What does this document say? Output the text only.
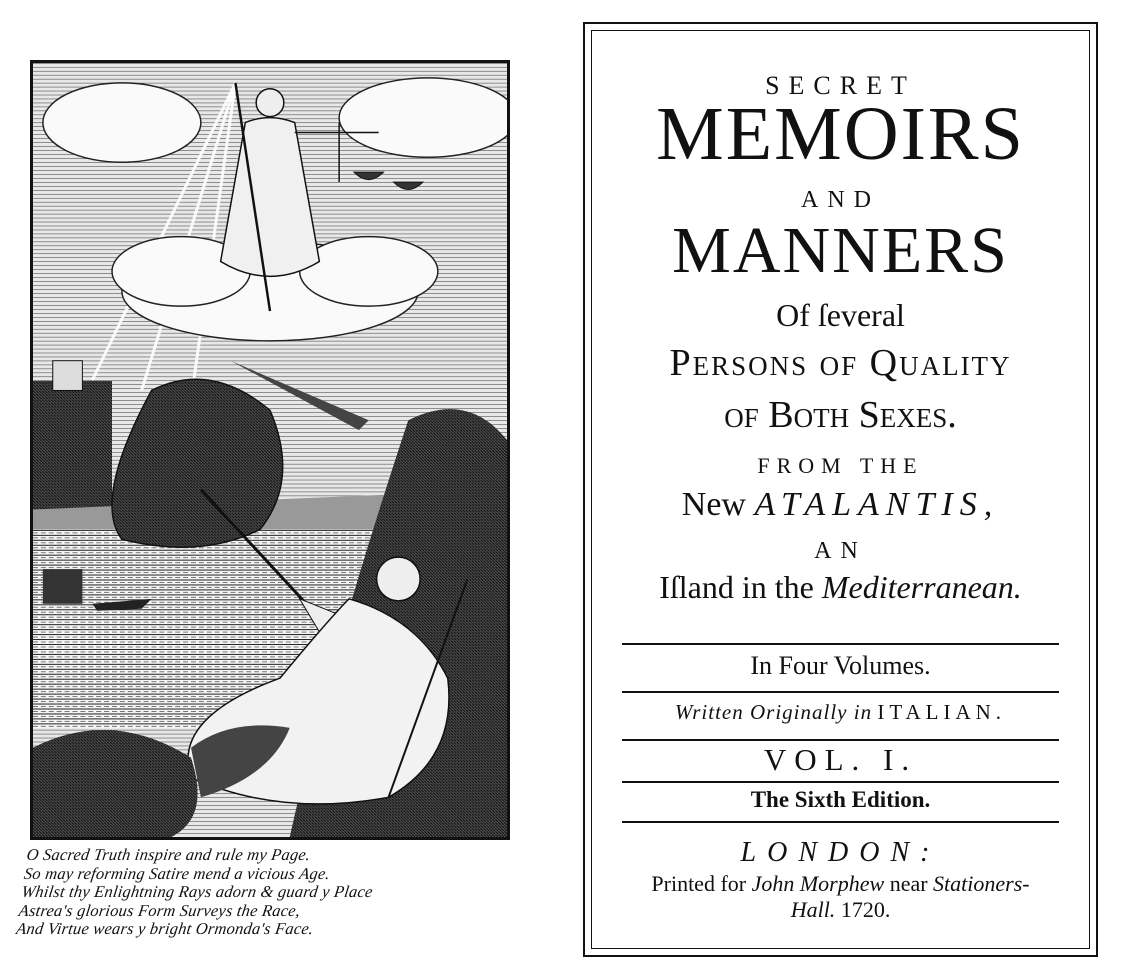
O Sacred Truth inspire and rule my Page.
So may reforming Satire mend a vicious Age.
Whilst thy Enlightning Rays adorn & guard y Place
Astrea's glorious Form Surveys the Race,
And Virtue wears y bright Ormonda's Face.
SECRET
MEMOIRS
AND
MANNERS
Of ſeveral
Persons of Quality
of Both Sexes.
FROM THE
New ATALANTIS,
AN
Iſland in the Mediterranean.
In Four Volumes.
Written Originally in ITALIAN.
VOL. I.
The Sixth Edition.
LONDON:
Printed for John Morphew near Stationers-
Hall. 1720.
